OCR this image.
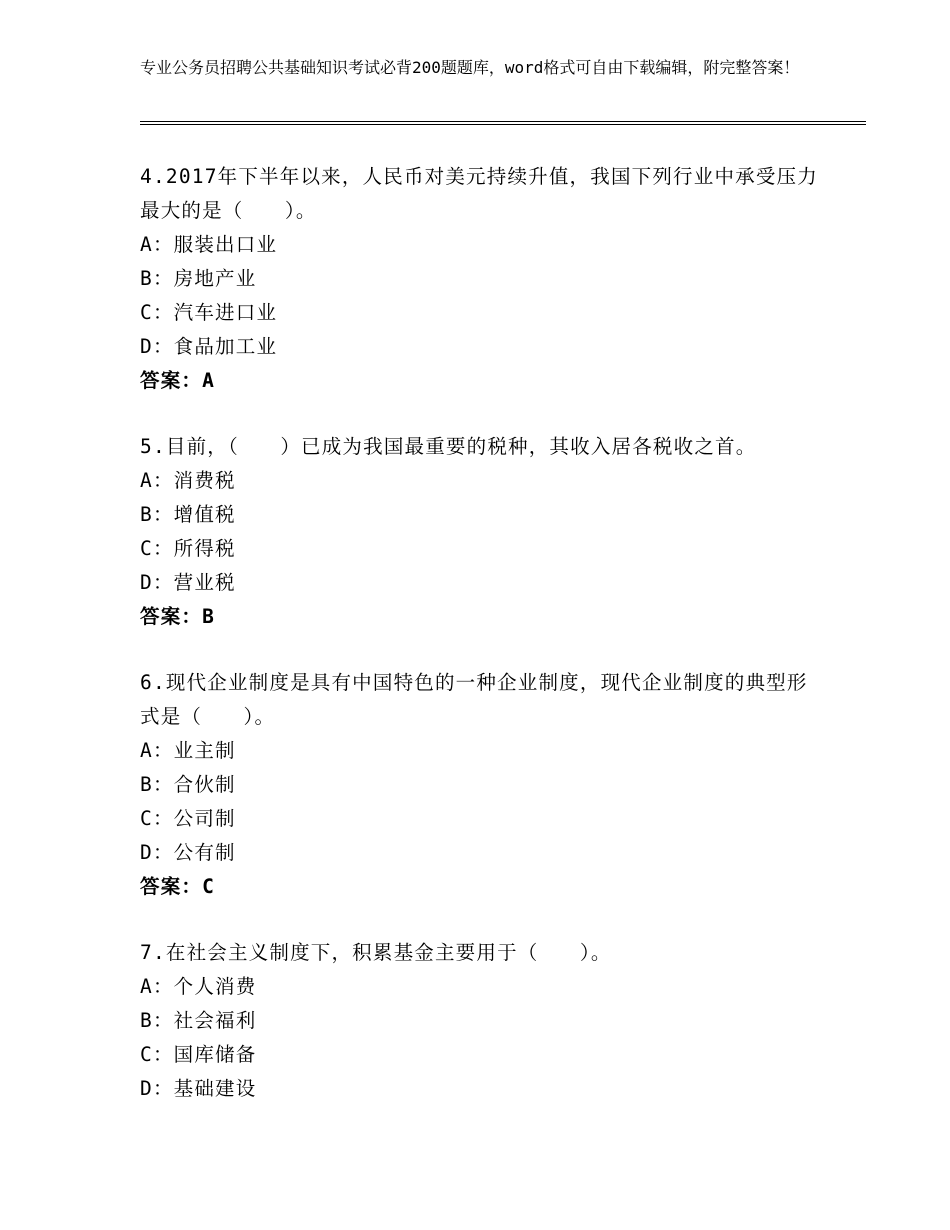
专业公务员招聘公共基础知识考试必背200题题库，word格式可自由下载编辑，附完整答案！

4.2017年下半年以来，人民币对美元持续升值，我国下列行业中承受压力最大的是（　　）。

A：服装出口业

B：房地产业

C：汽车进口业

D：食品加工业

答案：A

5.目前，（　　）已成为我国最重要的税种，其收入居各税收之首。

A：消费税

B：增值税

C：所得税

D：营业税

答案：B

6.现代企业制度是具有中国特色的一种企业制度，现代企业制度的典型形式是（　　）。

A：业主制

B：合伙制

C：公司制

D：公有制

答案：C

7.在社会主义制度下，积累基金主要用于（　　）。

A：个人消费

B：社会福利

C：国库储备

D：基础建设
